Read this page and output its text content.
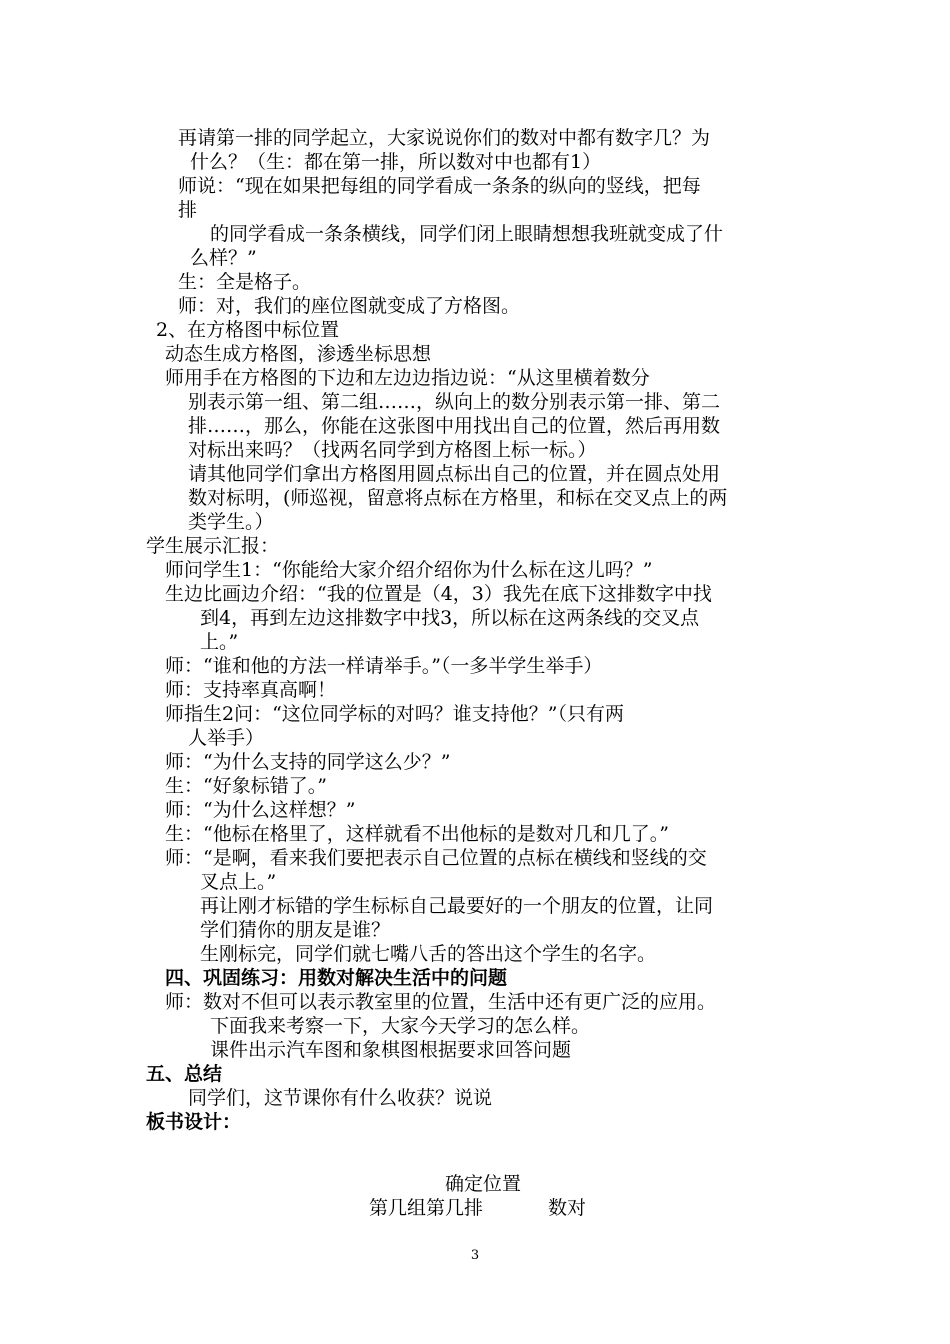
再请第一排的同学起立，大家说说你们的数对中都有数字几？为
什么？（生：都在第一排，所以数对中也都有1）
师说：“现在如果把每组的同学看成一条条的纵向的竖线，把每
排
的同学看成一条条横线，同学们闭上眼睛想想我班就变成了什
么样？”
生：全是格子。
师：对，我们的座位图就变成了方格图。
2、在方格图中标位置
动态生成方格图，渗透坐标思想
师用手在方格图的下边和左边边指边说：“从这里横着数分
别表示第一组、第二组……，纵向上的数分别表示第一排、第二
排……，那么，你能在这张图中用找出自己的位置，然后再用数
对标出来吗？（找两名同学到方格图上标一标。）
请其他同学们拿出方格图用圆点标出自己的位置，并在圆点处用
数对标明，(师巡视，留意将点标在方格里，和标在交叉点上的两
类学生。）
学生展示汇报：
师问学生1：“你能给大家介绍介绍你为什么标在这儿吗？”
生边比画边介绍：“我的位置是（4，3）我先在底下这排数字中找
到4，再到左边这排数字中找3，所以标在这两条线的交叉点
上。”
师：“谁和他的方法一样请举手。”（一多半学生举手）
师：支持率真高啊！
师指生2问：“这位同学标的对吗？谁支持他？”（只有两
人举手）
师：“为什么支持的同学这么少？”
生：“好象标错了。”
师：“为什么这样想？”
生：“他标在格里了，这样就看不出他标的是数对几和几了。”
师：“是啊，看来我们要把表示自己位置的点标在横线和竖线的交
叉点上。”
再让刚才标错的学生标标自己最要好的一个朋友的位置，让同
学们猜你的朋友是谁？
生刚标完，同学们就七嘴八舌的答出这个学生的名字。
四、巩固练习：用数对解决生活中的问题
师：数对不但可以表示教室里的位置，生活中还有更广泛的应用。
下面我来考察一下，大家今天学习的怎么样。
课件出示汽车图和象棋图根据要求回答问题
五、总结
同学们，这节课你有什么收获？说说
板书设计：
确定位置
第几组第几排	数对
3
